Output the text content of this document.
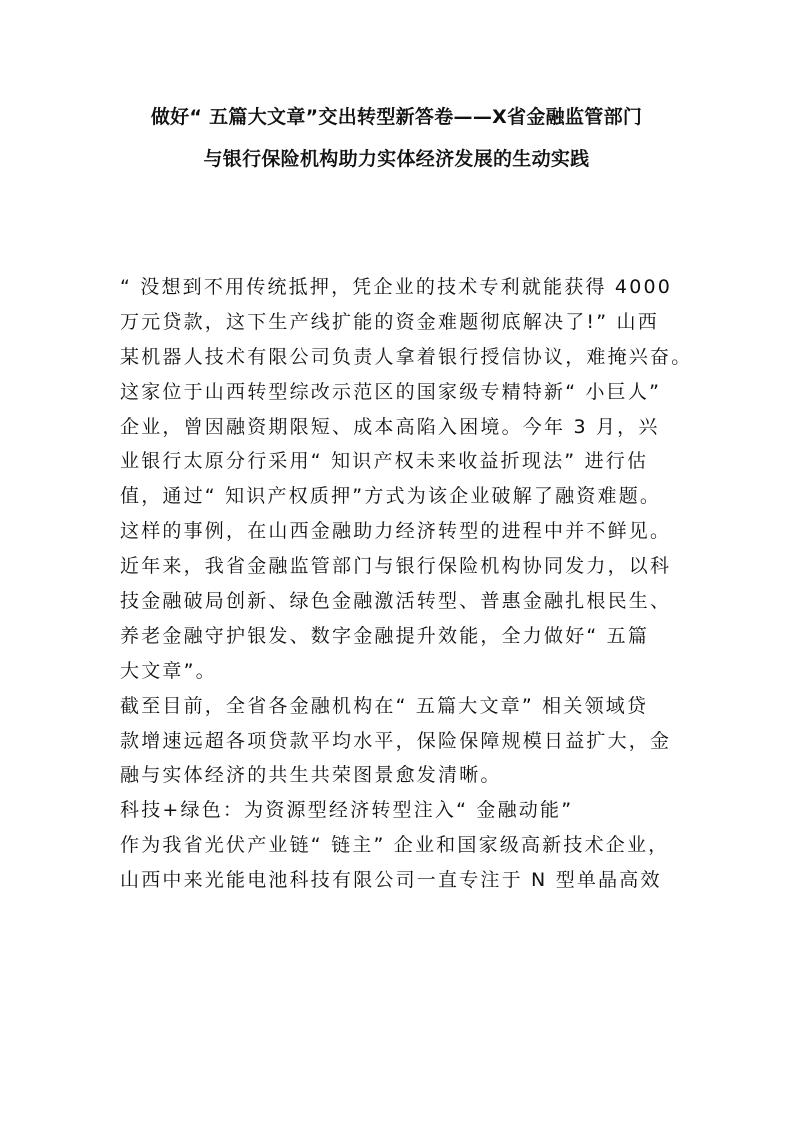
做好“ 五篇大文章”交出转型新答卷——X省金融监管部门
与银行保险机构助力实体经济发展的生动实践
“ 没想到不用传统抵押，凭企业的技术专利就能获得 4000
万元贷款，这下生产线扩能的资金难题彻底解决了!” 山西
某机器人技术有限公司负责人拿着银行授信协议，难掩兴奋。
这家位于山西转型综改示范区的国家级专精特新“ 小巨人”
企业，曾因融资期限短、成本高陷入困境。今年 3 月，兴
业银行太原分行采用“ 知识产权未来收益折现法” 进行估
值，通过“ 知识产权质押”方式为该企业破解了融资难题。
这样的事例，在山西金融助力经济转型的进程中并不鲜见。
近年来，我省金融监管部门与银行保险机构协同发力，以科
技金融破局创新、绿色金融激活转型、普惠金融扎根民生、
养老金融守护银发、数字金融提升效能，全力做好“ 五篇
大文章”。
截至目前，全省各金融机构在“ 五篇大文章” 相关领域贷
款增速远超各项贷款平均水平，保险保障规模日益扩大，金
融与实体经济的共生共荣图景愈发清晰。
科技+绿色：为资源型经济转型注入“ 金融动能”
作为我省光伏产业链“ 链主” 企业和国家级高新技术企业，
山西中来光能电池科技有限公司一直专注于 N 型单晶高效
